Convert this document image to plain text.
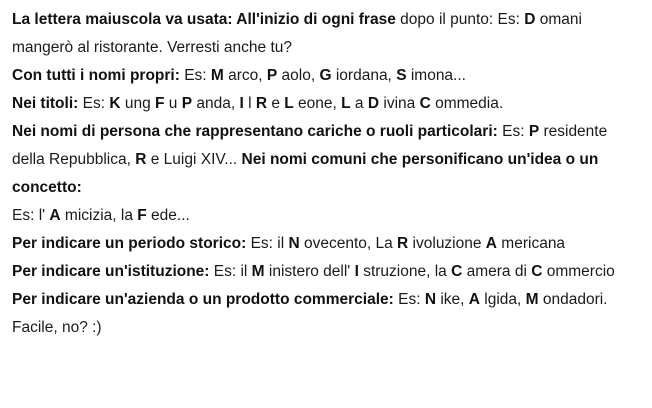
La lettera maiuscola va usata: All'inizio di ogni frase dopo il punto: Es: D omani mangerò al ristorante. Verresti anche tu?

Con tutti i nomi propri: Es: M arco, P aolo, G iordana, S imona...

Nei titoli: Es: K ung F u P anda, I l R e L eone, L a D ivina C ommedia.

Nei nomi di persona che rappresentano cariche o ruoli particolari: Es: P residente della Repubblica, R e Luigi XIV... Nei nomi comuni che personificano un'idea o un concetto:

Es: l' A micizia, la F ede...

Per indicare un periodo storico: Es: il N ovecento, La R ivoluzione A mericana

Per indicare un'istituzione: Es: il M inistero dell' I struzione, la C amera di C ommercio

Per indicare un'azienda o un prodotto commerciale: Es: N ike, A lgida, M ondadori.

Facile, no? :)
